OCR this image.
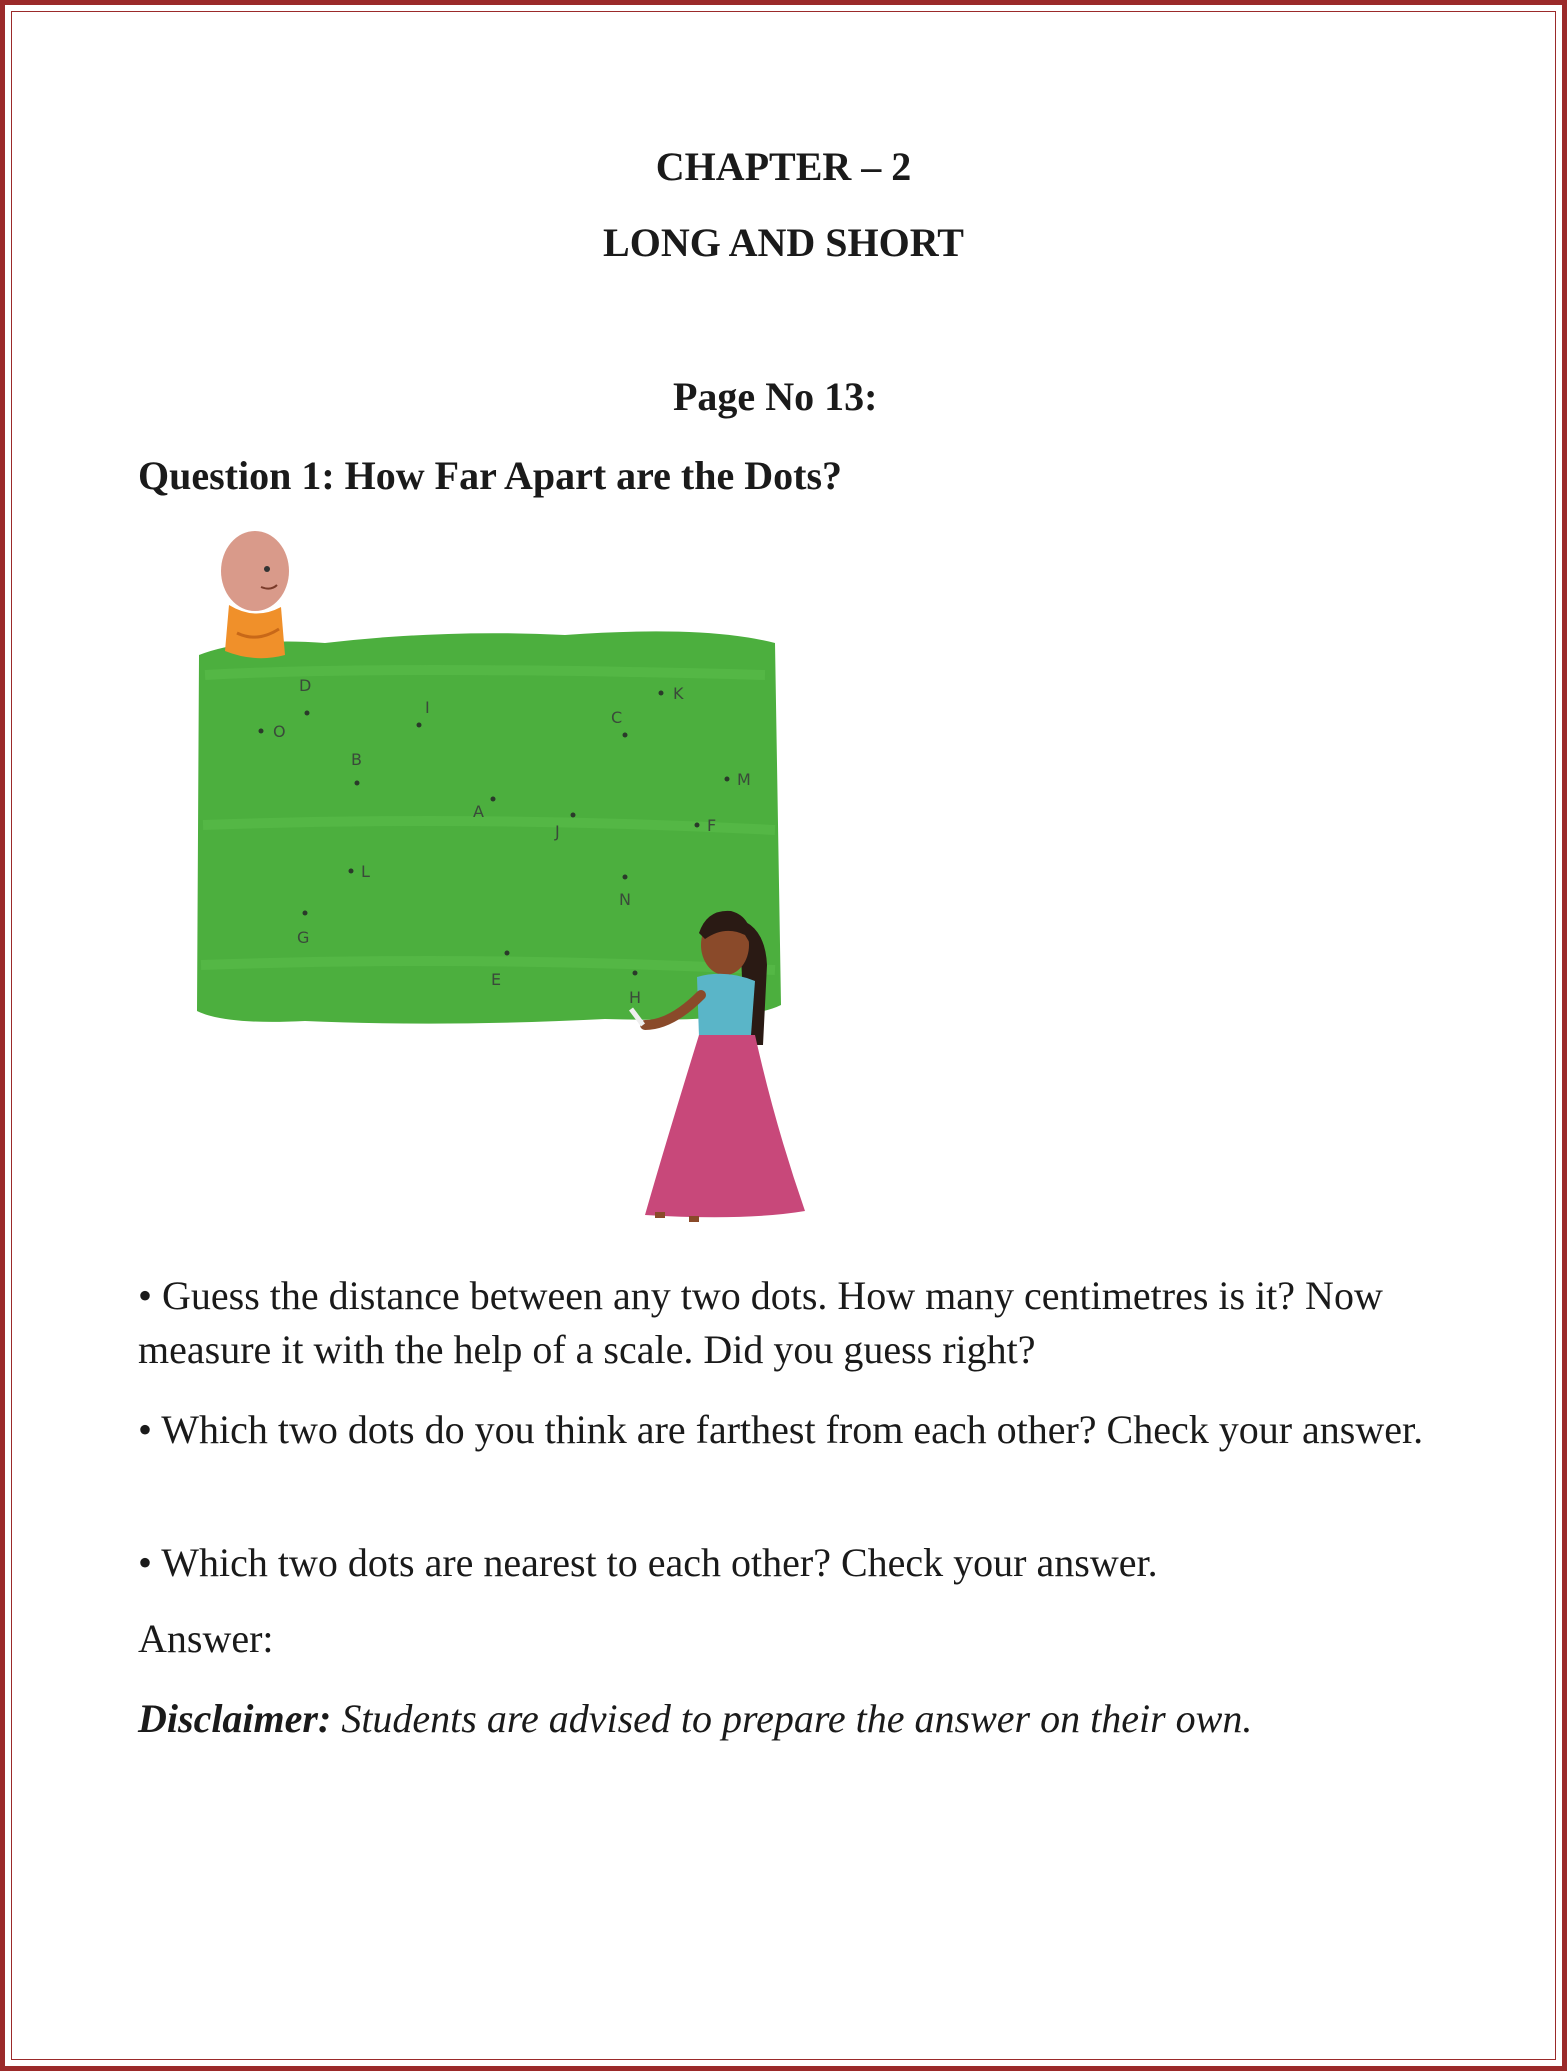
CHAPTER – 2
LONG AND SHORT
Page No 13:
Question 1: How Far Apart are the Dots?
D
O
I
C
K
B
M
A
J	F
L
N
G
E
H
• Guess the distance between any two dots. How many centimetres is it? Now measure it with the help of a scale. Did you guess right?
• Which two dots do you think are farthest from each other? Check your answer.
• Which two dots are nearest to each other? Check your answer.
Answer:
Disclaimer: Students are advised to prepare the answer on their own.
